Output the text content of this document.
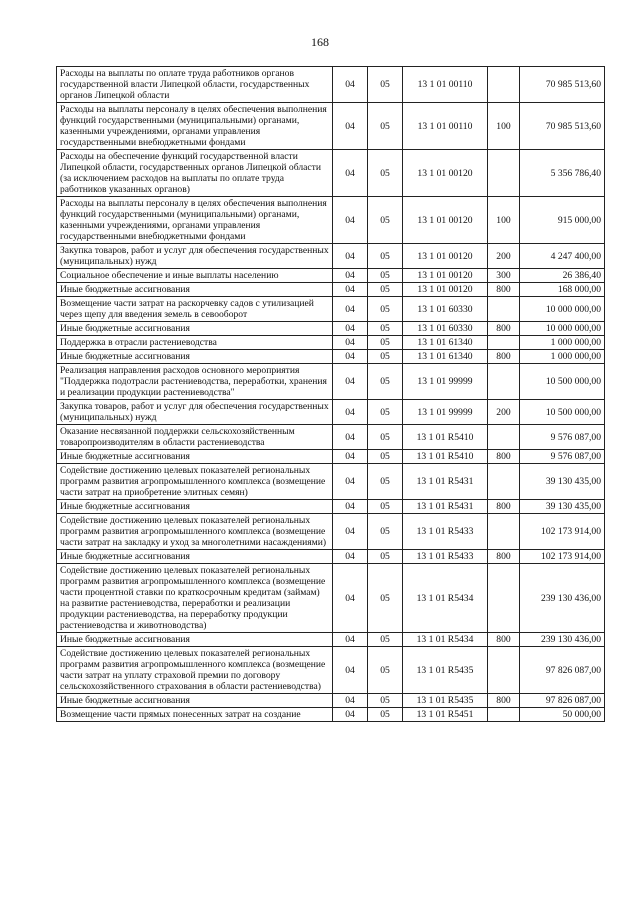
168
Расходы на выплаты по оплате труда работников органов государственной власти Липецкой области, государственных органов Липецкой области	04	05	13 1 01 00110		70 985 513,60
Расходы на выплаты персоналу в целях обеспечения выполнения функций государственными (муниципальными) органами, казенными учреждениями, органами управления государственными внебюджетными фондами	04	05	13 1 01 00110	100	70 985 513,60
Расходы на обеспечение функций государственной власти Липецкой области, государственных органов Липецкой области (за исключением расходов на выплаты по оплате труда работников указанных органов)	04	05	13 1 01 00120		5 356 786,40
Расходы на выплаты персоналу в целях обеспечения выполнения функций государственными (муниципальными) органами, казенными учреждениями, органами управления государственными внебюджетными фондами	04	05	13 1 01 00120	100	915 000,00
Закупка товаров, работ и услуг для обеспечения государственных (муниципальных) нужд	04	05	13 1 01 00120	200	4 247 400,00
Социальное обеспечение и иные выплаты населению	04	05	13 1 01 00120	300	26 386,40
Иные бюджетные ассигнования	04	05	13 1 01 00120	800	168 000,00
Возмещение части затрат на раскорчевку садов с утилизацией через щепу для введения земель в севооборот	04	05	13 1 01 60330		10 000 000,00
Иные бюджетные ассигнования	04	05	13 1 01 60330	800	10 000 000,00
Поддержка в отрасли растениеводства	04	05	13 1 01 61340		1 000 000,00
Иные бюджетные ассигнования	04	05	13 1 01 61340	800	1 000 000,00
Реализация направления расходов основного мероприятия "Поддержка подотрасли растениеводства, переработки, хранения и реализации продукции растениеводства"	04	05	13 1 01 99999		10 500 000,00
Закупка товаров, работ и услуг для обеспечения государственных (муниципальных) нужд	04	05	13 1 01 99999	200	10 500 000,00
Оказание несвязанной поддержки сельскохозяйственным товаропроизводителям в области растениеводства	04	05	13 1 01 R5410		9 576 087,00
Иные бюджетные ассигнования	04	05	13 1 01 R5410	800	9 576 087,00
Содействие достижению целевых показателей региональных программ развития агропромышленного комплекса (возмещение части затрат на приобретение элитных семян)	04	05	13 1 01 R5431		39 130 435,00
Иные бюджетные ассигнования	04	05	13 1 01 R5431	800	39 130 435,00
Содействие достижению целевых показателей региональных программ развития агропромышленного комплекса (возмещение части затрат на закладку и уход за многолетними насаждениями)	04	05	13 1 01 R5433		102 173 914,00
Иные бюджетные ассигнования	04	05	13 1 01 R5433	800	102 173 914,00
Содействие достижению целевых показателей региональных программ развития агропромышленного комплекса (возмещение части процентной ставки по краткосрочным кредитам (займам) на развитие растениеводства, переработки и реализации продукции растениеводства, на переработку продукции растениеводства и животноводства)	04	05	13 1 01 R5434		239 130 436,00
Иные бюджетные ассигнования	04	05	13 1 01 R5434	800	239 130 436,00
Содействие достижению целевых показателей региональных программ развития агропромышленного комплекса (возмещение части затрат на уплату страховой премии по договору сельскохозяйственного страхования в области растениеводства)	04	05	13 1 01 R5435		97 826 087,00
Иные бюджетные ассигнования	04	05	13 1 01 R5435	800	97 826 087,00
Возмещение части прямых понесенных затрат на создание	04	05	13 1 01 R5451		50 000,00
